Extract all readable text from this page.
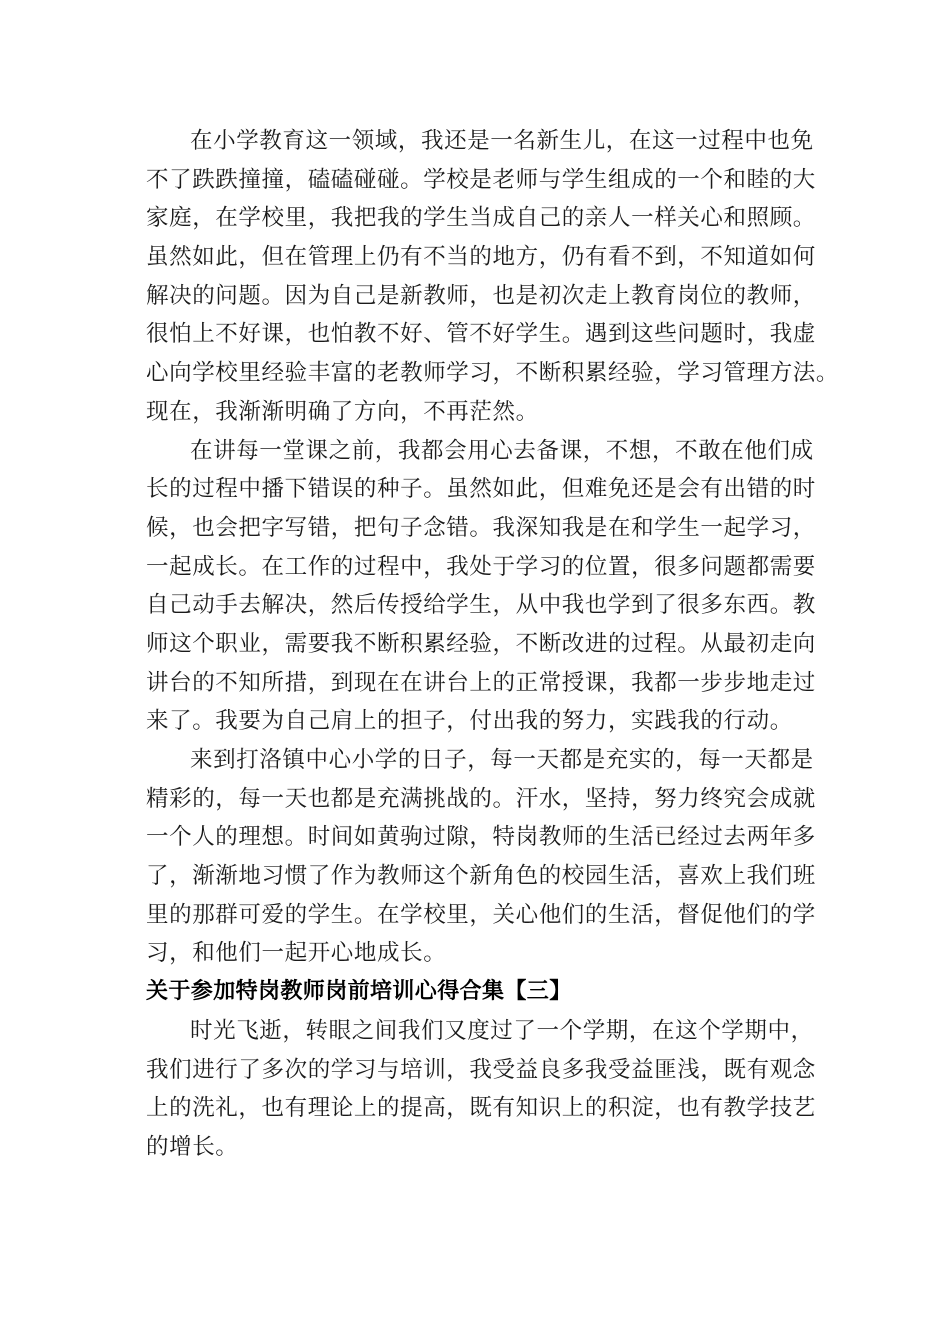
在小学教育这一领域，我还是一名新生儿，在这一过程中也免
不了跌跌撞撞，磕磕碰碰。学校是老师与学生组成的一个和睦的大
家庭，在学校里，我把我的学生当成自己的亲人一样关心和照顾。
虽然如此，但在管理上仍有不当的地方，仍有看不到，不知道如何
解决的问题。因为自己是新教师，也是初次走上教育岗位的教师，
很怕上不好课，也怕教不好、管不好学生。遇到这些问题时，我虚
心向学校里经验丰富的老教师学习，不断积累经验，学习管理方法。
现在，我渐渐明确了方向，不再茫然。
在讲每一堂课之前，我都会用心去备课，不想，不敢在他们成
长的过程中播下错误的种子。虽然如此，但难免还是会有出错的时
候，也会把字写错，把句子念错。我深知我是在和学生一起学习，
一起成长。在工作的过程中，我处于学习的位置，很多问题都需要
自己动手去解决，然后传授给学生，从中我也学到了很多东西。教
师这个职业，需要我不断积累经验，不断改进的过程。从最初走向
讲台的不知所措，到现在在讲台上的正常授课，我都一步步地走过
来了。我要为自己肩上的担子，付出我的努力，实践我的行动。
来到打洛镇中心小学的日子，每一天都是充实的，每一天都是
精彩的，每一天也都是充满挑战的。汗水，坚持，努力终究会成就
一个人的理想。时间如黄驹过隙，特岗教师的生活已经过去两年多
了，渐渐地习惯了作为教师这个新角色的校园生活，喜欢上我们班
里的那群可爱的学生。在学校里，关心他们的生活，督促他们的学
习，和他们一起开心地成长。
关于参加特岗教师岗前培训心得合集【三】
时光飞逝，转眼之间我们又度过了一个学期，在这个学期中，
我们进行了多次的学习与培训，我受益良多我受益匪浅，既有观念
上的洗礼，也有理论上的提高，既有知识上的积淀，也有教学技艺
的增长。
